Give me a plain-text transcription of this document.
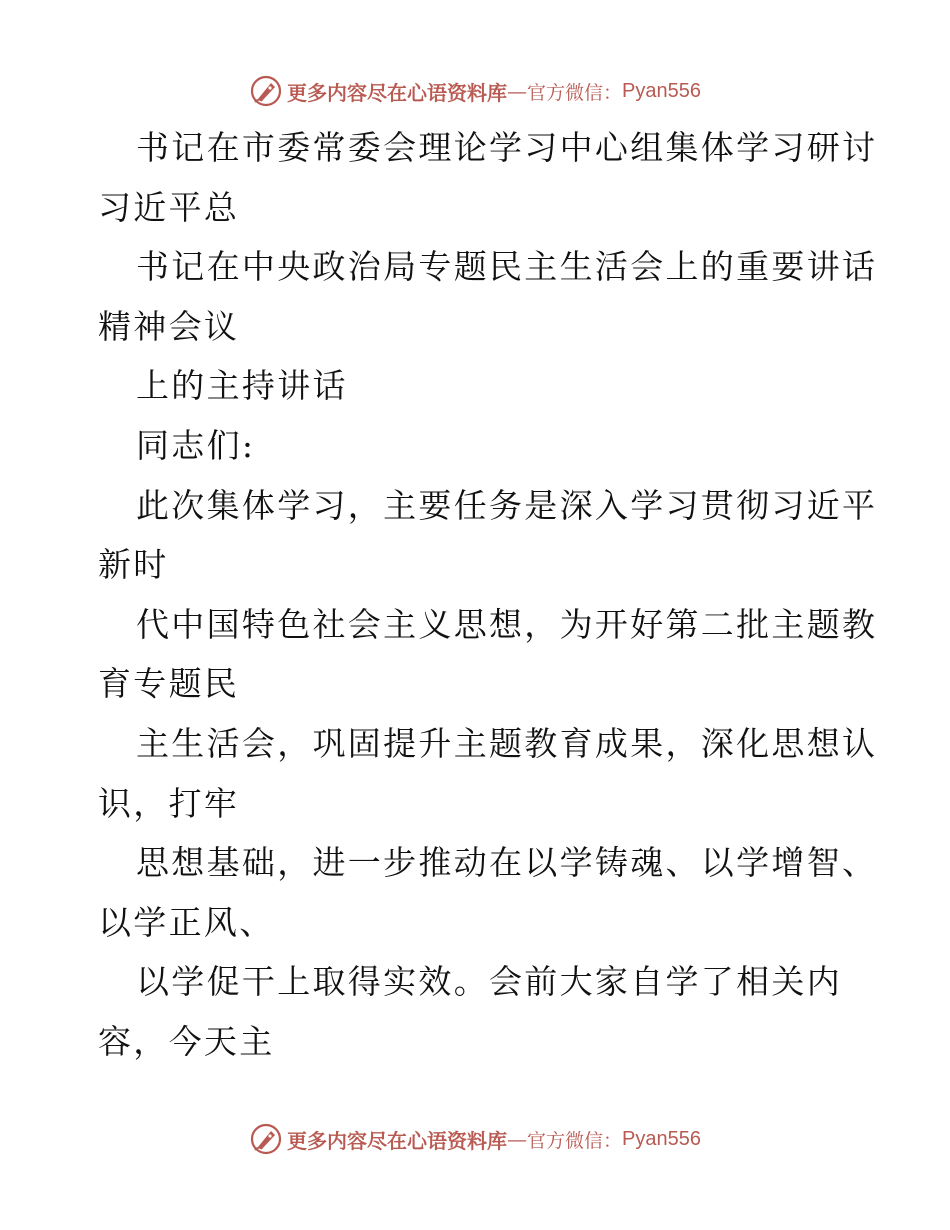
更多内容尽在心语资料库 — 官方微信： Pyan556
书记在市委常委会理论学习中心组集体学习研讨
习近平总
书记在中央政治局专题民主生活会上的重要讲话
精神会议
上的主持讲话
同志们:
此次集体学习，主要任务是深入学习贯彻习近平
新时
代中国特色社会主义思想，为开好第二批主题教
育专题民
主生活会，巩固提升主题教育成果，深化思想认
识，打牢
思想基础，进一步推动在以学铸魂、以学增智、
以学正风、
以学促干上取得实效。会前大家自学了相关内
容，今天主
更多内容尽在心语资料库 — 官方微信： Pyan556
